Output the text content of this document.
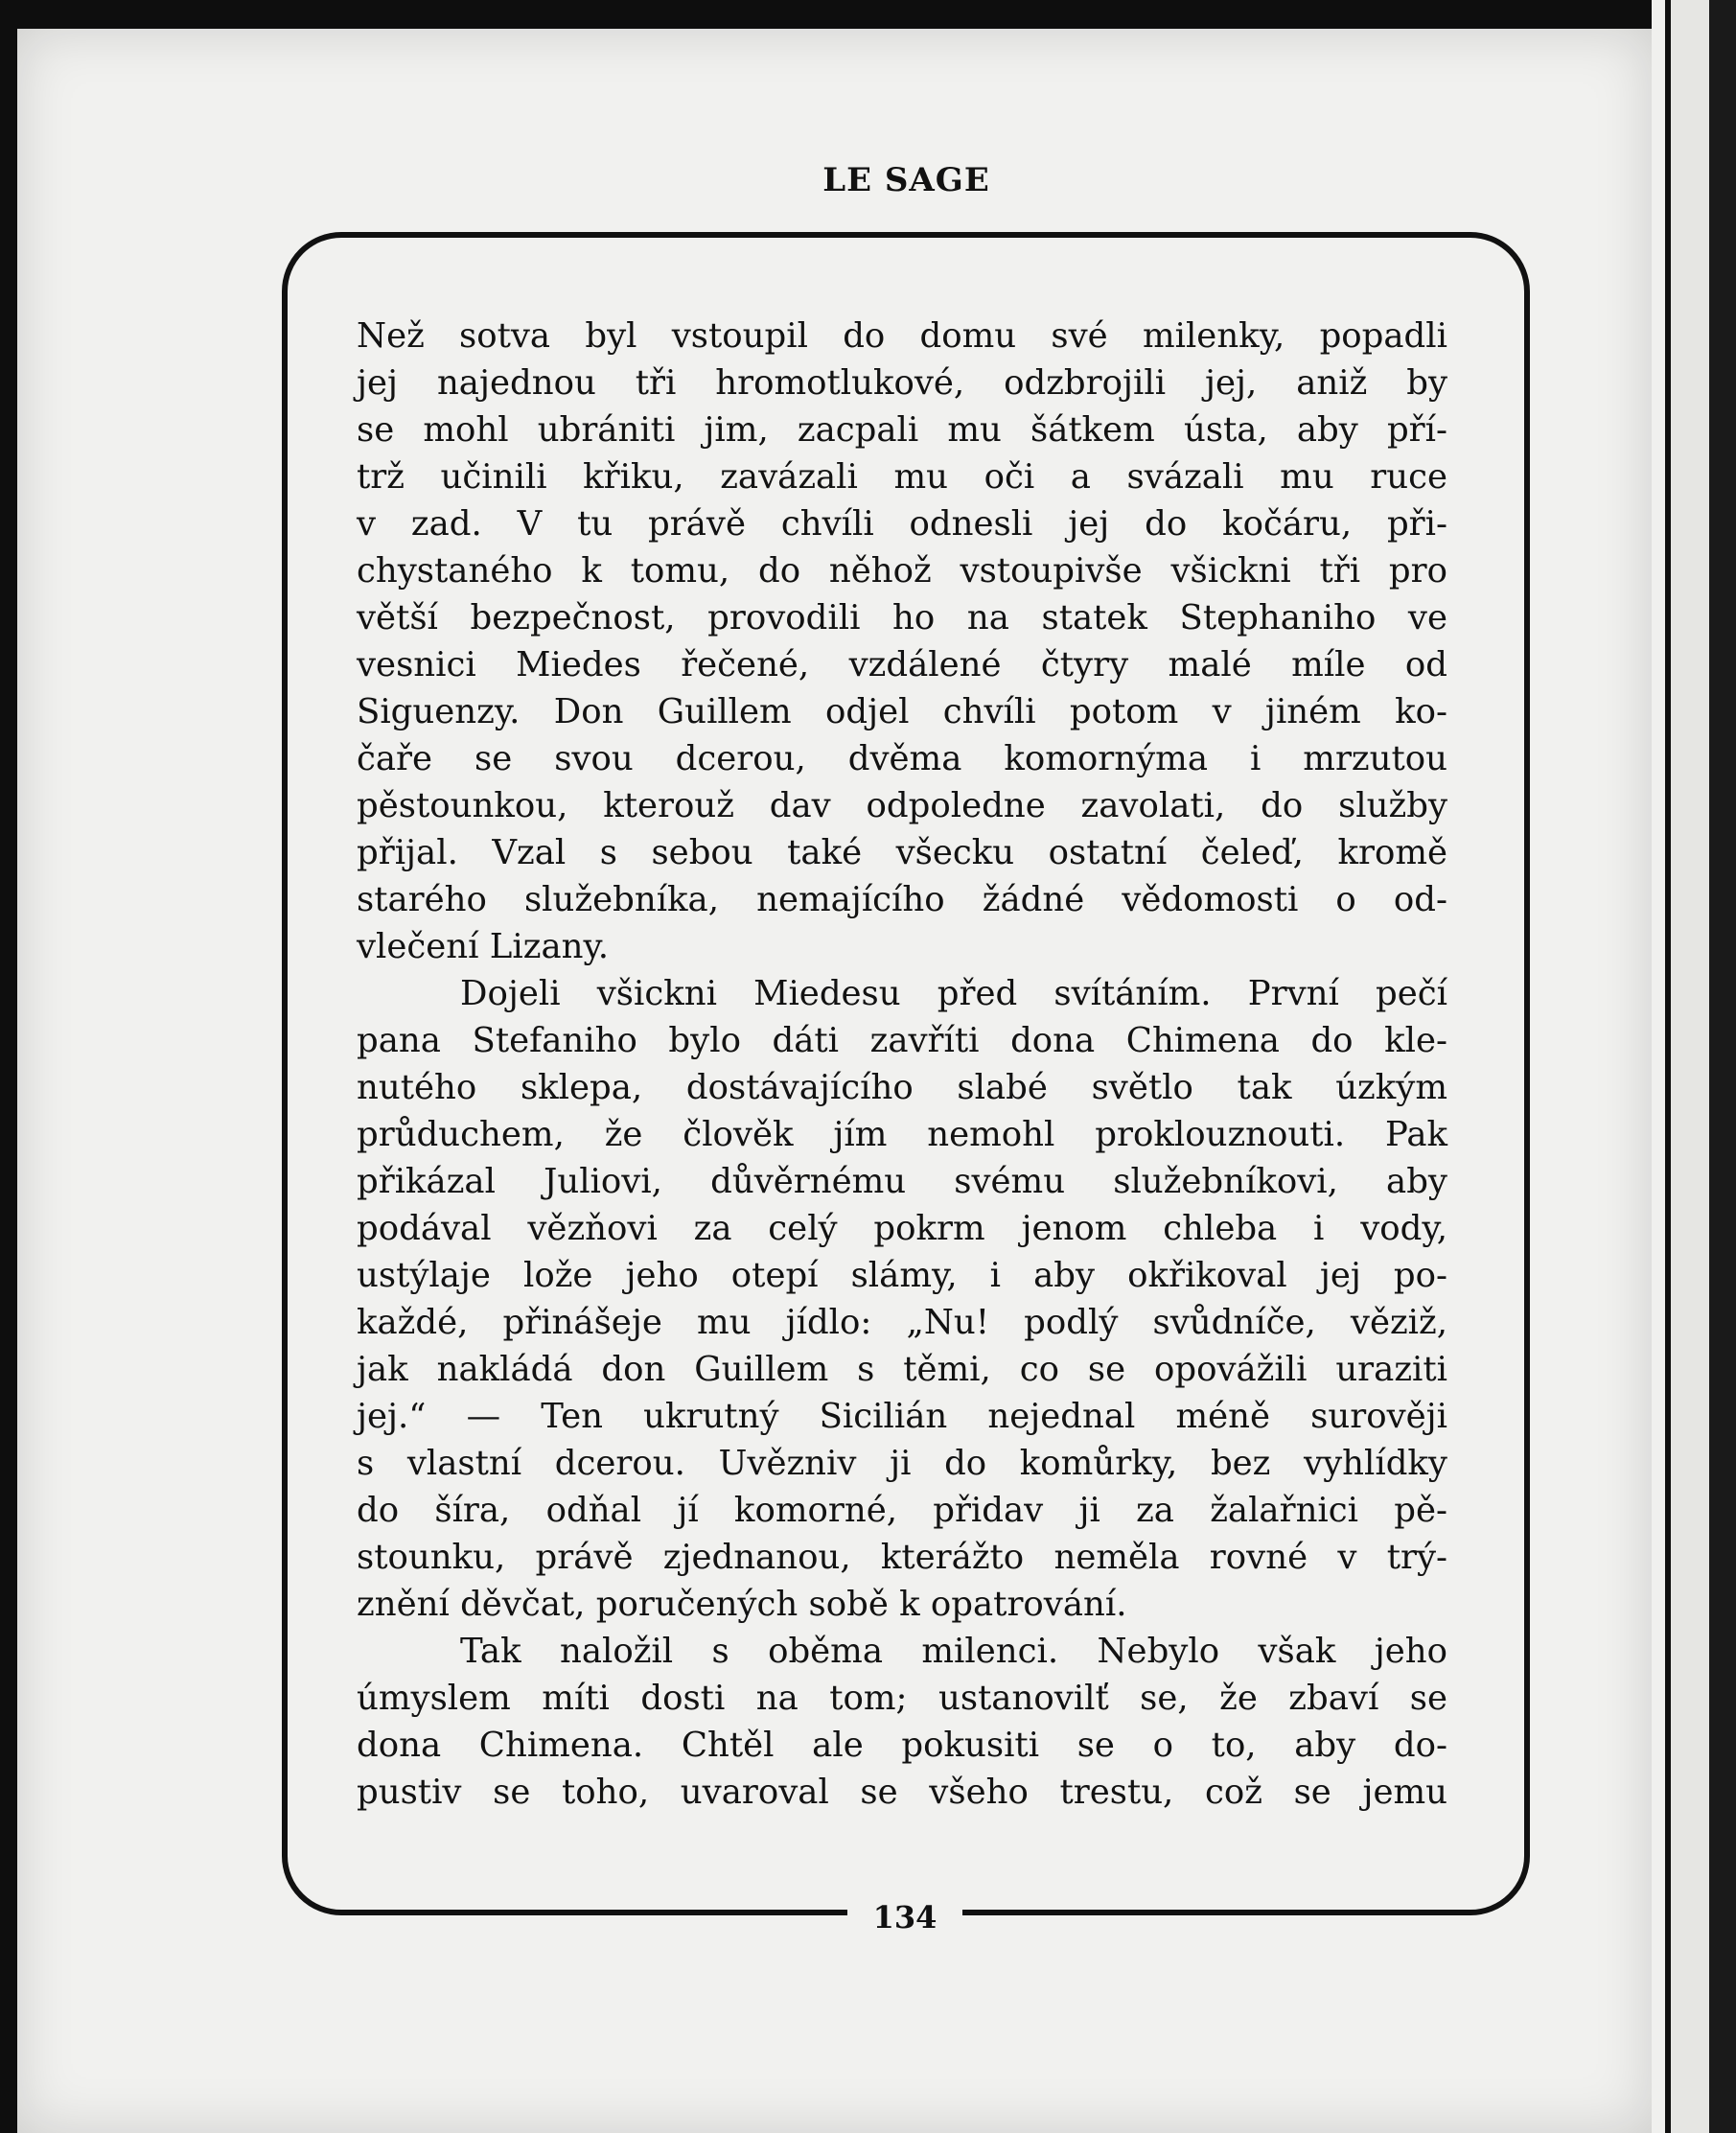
LE SAGE
Než sotva byl vstoupil do domu své milenky, popadli
jej najednou tři hromotlukové, odzbrojili jej, aniž by
se mohl ubrániti jim, zacpali mu šátkem ústa, aby pří-
trž učinili křiku, zavázali mu oči a svázali mu ruce
v zad. V tu právě chvíli odnesli jej do kočáru, při-
chystaného k tomu, do něhož vstoupivše všickni tři pro
větší bezpečnost, provodili ho na statek Stephaniho ve
vesnici Miedes řečené, vzdálené čtyry malé míle od
Siguenzy. Don Guillem odjel chvíli potom v jiném ko-
čaře se svou dcerou, dvěma komornýma i mrzutou
pěstounkou, kterouž dav odpoledne zavolati, do služby
přijal. Vzal s sebou také všecku ostatní čeleď, kromě
starého služebníka, nemajícího žádné vědomosti o od-
vlečení Lizany.
Dojeli všickni Miedesu před svítáním. První pečí
pana Stefaniho bylo dáti zavříti dona Chimena do kle-
nutého sklepa, dostávajícího slabé světlo tak úzkým
průduchem, že člověk jím nemohl proklouznouti. Pak
přikázal Juliovi, důvěrnému svému služebníkovi, aby
podával vězňovi za celý pokrm jenom chleba i vody,
ustýlaje lože jeho otepí slámy, i aby okřikoval jej po-
každé, přinášeje mu jídlo: „Nu! podlý svůdníče, věziž,
jak nakládá don Guillem s těmi, co se opovážili uraziti
jej.“ — Ten ukrutný Sicilián nejednal méně surověji
s vlastní dcerou. Uvězniv ji do komůrky, bez vyhlídky
do šíra, odňal jí komorné, přidav ji za žalařnici pě-
stounku, právě zjednanou, kterážto neměla rovné v trý-
znění děvčat, poručených sobě k opatrování.
Tak naložil s oběma milenci. Nebylo však jeho
úmyslem míti dosti na tom; ustanovilť se, že zbaví se
dona Chimena. Chtěl ale pokusiti se o to, aby do-
pustiv se toho, uvaroval se všeho trestu, což se jemu
134
